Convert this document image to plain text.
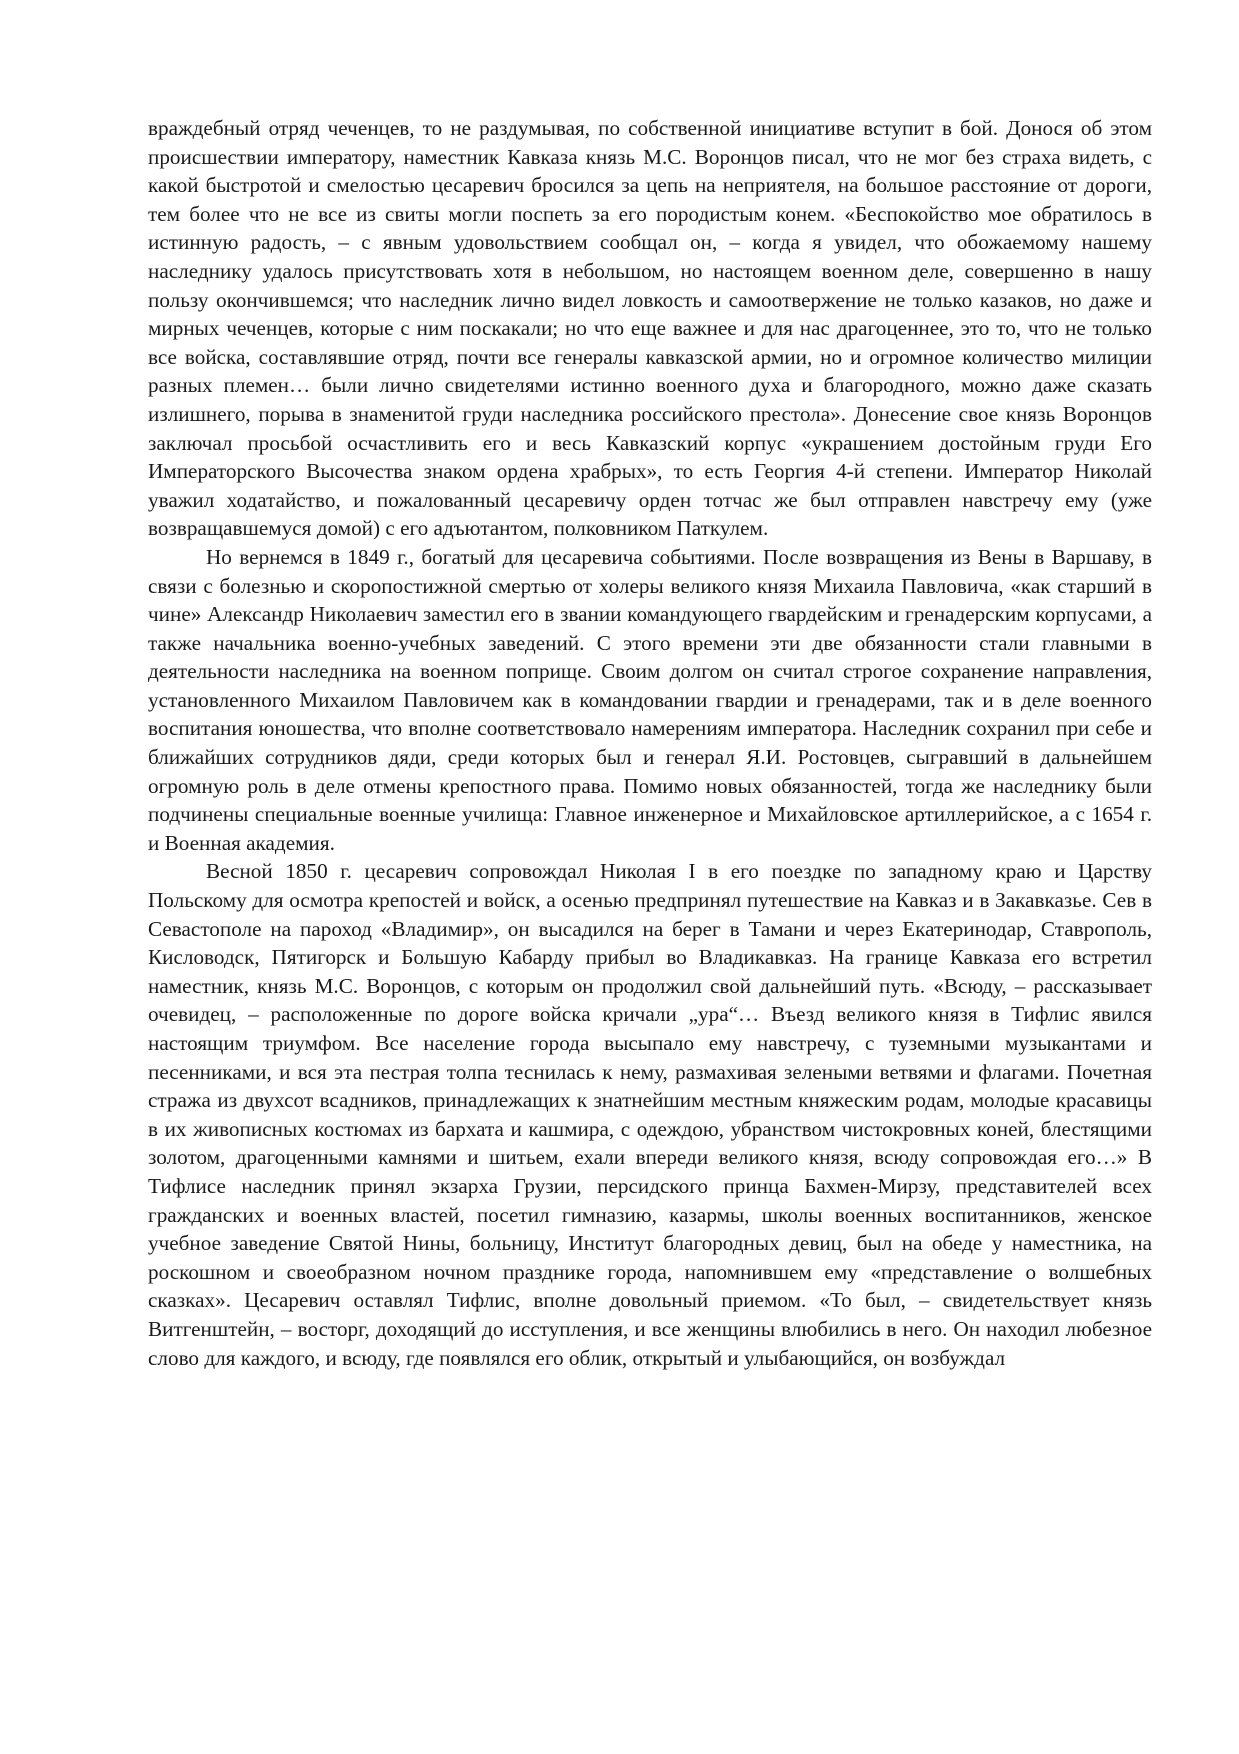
враждебный отряд чеченцев, то не раздумывая, по собственной инициативе вступит в бой. Донося об этом происшествии императору, наместник Кавказа князь М.С. Воронцов писал, что не мог без страха видеть, с какой быстротой и смелостью цесаревич бросился за цепь на неприятеля, на большое расстояние от дороги, тем более что не все из свиты могли поспеть за его породистым конем. «Беспокойство мое обратилось в истинную радость, – с явным удовольствием сообщал он, – когда я увидел, что обожаемому нашему наследнику удалось присутствовать хотя в небольшом, но настоящем военном деле, совершенно в нашу пользу окончившемся; что наследник лично видел ловкость и самоотвержение не только казаков, но даже и мирных чеченцев, которые с ним поскакали; но что еще важнее и для нас драгоценнее, это то, что не только все войска, составлявшие отряд, почти все генералы кавказской армии, но и огромное количество милиции разных племен… были лично свидетелями истинно военного духа и благородного, можно даже сказать излишнего, порыва в знаменитой груди наследника российского престола». Донесение свое князь Воронцов заключал просьбой осчастливить его и весь Кавказский корпус «украшением достойным груди Его Императорского Высочества знаком ордена храбрых», то есть Георгия 4-й степени. Император Николай уважил ходатайство, и пожалованный цесаревичу орден тотчас же был отправлен навстречу ему (уже возвращавшемуся домой) с его адъютантом, полковником Паткулем.

Но вернемся в 1849 г., богатый для цесаревича событиями. После возвращения из Вены в Варшаву, в связи с болезнью и скоропостижной смертью от холеры великого князя Михаила Павловича, «как старший в чине» Александр Николаевич заместил его в звании командующего гвардейским и гренадерским корпусами, а также начальника военно-учебных заведений. С этого времени эти две обязанности стали главными в деятельности наследника на военном поприще. Своим долгом он считал строгое сохранение направления, установленного Михаилом Павловичем как в командовании гвардии и гренадерами, так и в деле военного воспитания юношества, что вполне соответствовало намерениям императора. Наследник сохранил при себе и ближайших сотрудников дяди, среди которых был и генерал Я.И. Ростовцев, сыгравший в дальнейшем огромную роль в деле отмены крепостного права. Помимо новых обязанностей, тогда же наследнику были подчинены специальные военные училища: Главное инженерное и Михайловское артиллерийское, а с 1654 г. и Военная академия.

Весной 1850 г. цесаревич сопровождал Николая I в его поездке по западному краю и Царству Польскому для осмотра крепостей и войск, а осенью предпринял путешествие на Кавказ и в Закавказье. Сев в Севастополе на пароход «Владимир», он высадился на берег в Тамани и через Екатеринодар, Ставрополь, Кисловодск, Пятигорск и Большую Кабарду прибыл во Владикавказ. На границе Кавказа его встретил наместник, князь М.С. Воронцов, с которым он продолжил свой дальнейший путь. «Всюду, – рассказывает очевидец, – расположенные по дороге войска кричали „ура“… Въезд великого князя в Тифлис явился настоящим триумфом. Все население города высыпало ему навстречу, с туземными музыкантами и песенниками, и вся эта пестрая толпа теснилась к нему, размахивая зелеными ветвями и флагами. Почетная стража из двухсот всадников, принадлежащих к знатнейшим местным княжеским родам, молодые красавицы в их живописных костюмах из бархата и кашмира, с одеждою, убранством чистокровных коней, блестящими золотом, драгоценными камнями и шитьем, ехали впереди великого князя, всюду сопровождая его…» В Тифлисе наследник принял экзарха Грузии, персидского принца Бахмен-Мирзу, представителей всех гражданских и военных властей, посетил гимназию, казармы, школы военных воспитанников, женское учебное заведение Святой Нины, больницу, Институт благородных девиц, был на обеде у наместника, на роскошном и своеобразном ночном празднике города, напомнившем ему «представление о волшебных сказках». Цесаревич оставлял Тифлис, вполне довольный приемом. «То был, – свидетельствует князь Витгенштейн, – восторг, доходящий до исступления, и все женщины влюбились в него. Он находил любезное слово для каждого, и всюду, где появлялся его облик, открытый и улыбающийся, он возбуждал
